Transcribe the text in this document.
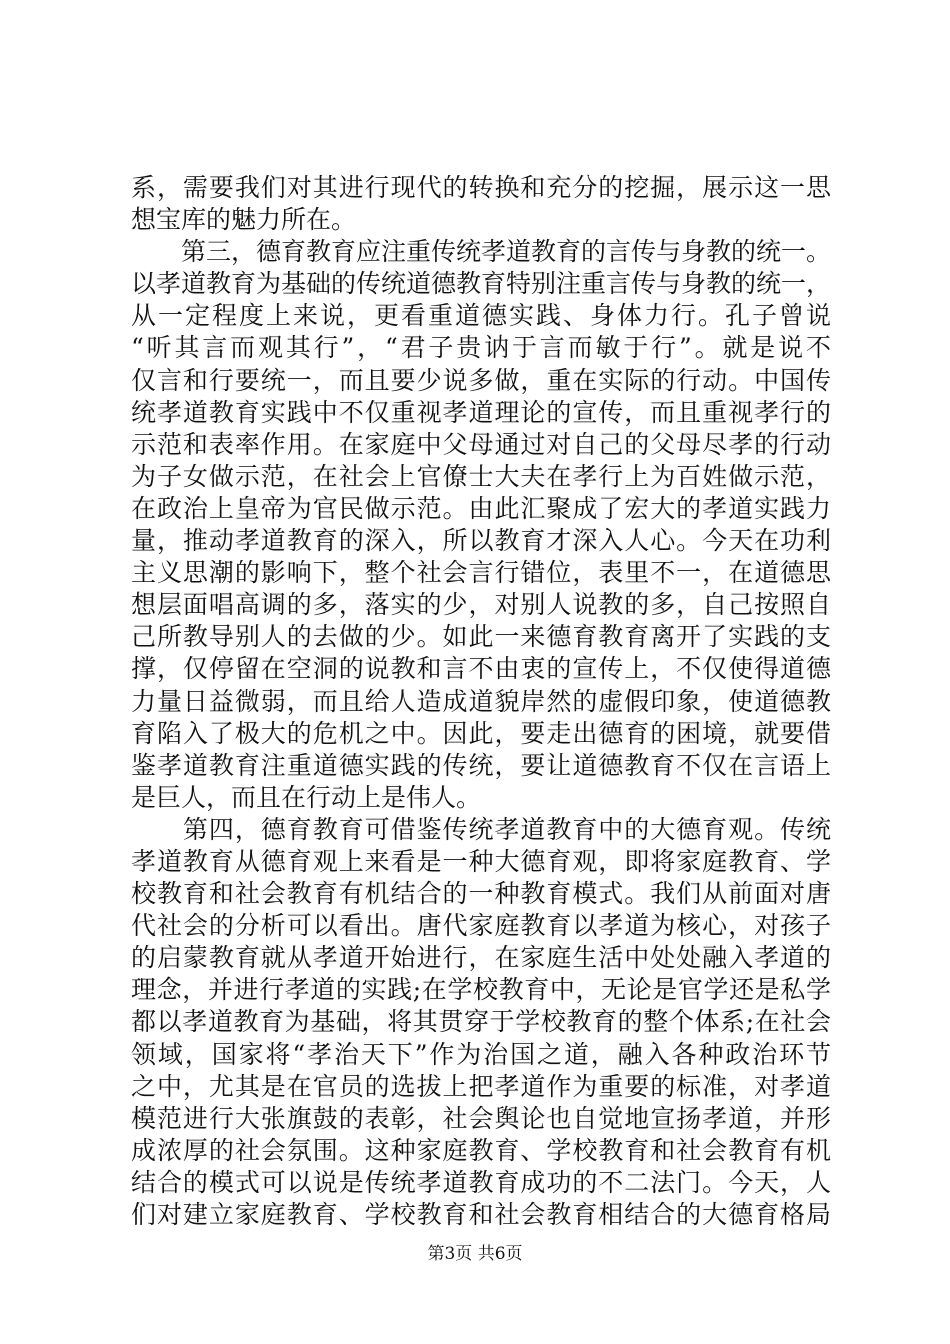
系，需要我们对其进行现代的转换和充分的挖掘，展示这一思
想宝库的魅力所在。
　　第三，德育教育应注重传统孝道教育的言传与身教的统一。
以孝道教育为基础的传统道德教育特别注重言传与身教的统一，
从一定程度上来说，更看重道德实践、身体力行。孔子曾说
“听其言而观其行”，“君子贵讷于言而敏于行”。就是说不
仅言和行要统一，而且要少说多做，重在实际的行动。中国传
统孝道教育实践中不仅重视孝道理论的宣传，而且重视孝行的
示范和表率作用。在家庭中父母通过对自己的父母尽孝的行动
为子女做示范，在社会上官僚士大夫在孝行上为百姓做示范，
在政治上皇帝为官民做示范。由此汇聚成了宏大的孝道实践力
量，推动孝道教育的深入，所以教育才深入人心。今天在功利
主义思潮的影响下，整个社会言行错位，表里不一，在道德思
想层面唱高调的多，落实的少，对别人说教的多，自己按照自
己所教导别人的去做的少。如此一来德育教育离开了实践的支
撑，仅停留在空洞的说教和言不由衷的宣传上，不仅使得道德
力量日益微弱，而且给人造成道貌岸然的虚假印象，使道德教
育陷入了极大的危机之中。因此，要走出德育的困境，就要借
鉴孝道教育注重道德实践的传统，要让道德教育不仅在言语上
是巨人，而且在行动上是伟人。
　　第四，德育教育可借鉴传统孝道教育中的大德育观。传统
孝道教育从德育观上来看是一种大德育观，即将家庭教育、学
校教育和社会教育有机结合的一种教育模式。我们从前面对唐
代社会的分析可以看出。唐代家庭教育以孝道为核心，对孩子
的启蒙教育就从孝道开始进行，在家庭生活中处处融入孝道的
理念，并进行孝道的实践;在学校教育中，无论是官学还是私学
都以孝道教育为基础，将其贯穿于学校教育的整个体系;在社会
领域，国家将“孝治天下”作为治国之道，融入各种政治环节
之中，尤其是在官员的选拔上把孝道作为重要的标准，对孝道
模范进行大张旗鼓的表彰，社会舆论也自觉地宣扬孝道，并形
成浓厚的社会氛围。这种家庭教育、学校教育和社会教育有机
结合的模式可以说是传统孝道教育成功的不二法门。今天，人
们对建立家庭教育、学校教育和社会教育相结合的大德育格局
第3页 共6页
